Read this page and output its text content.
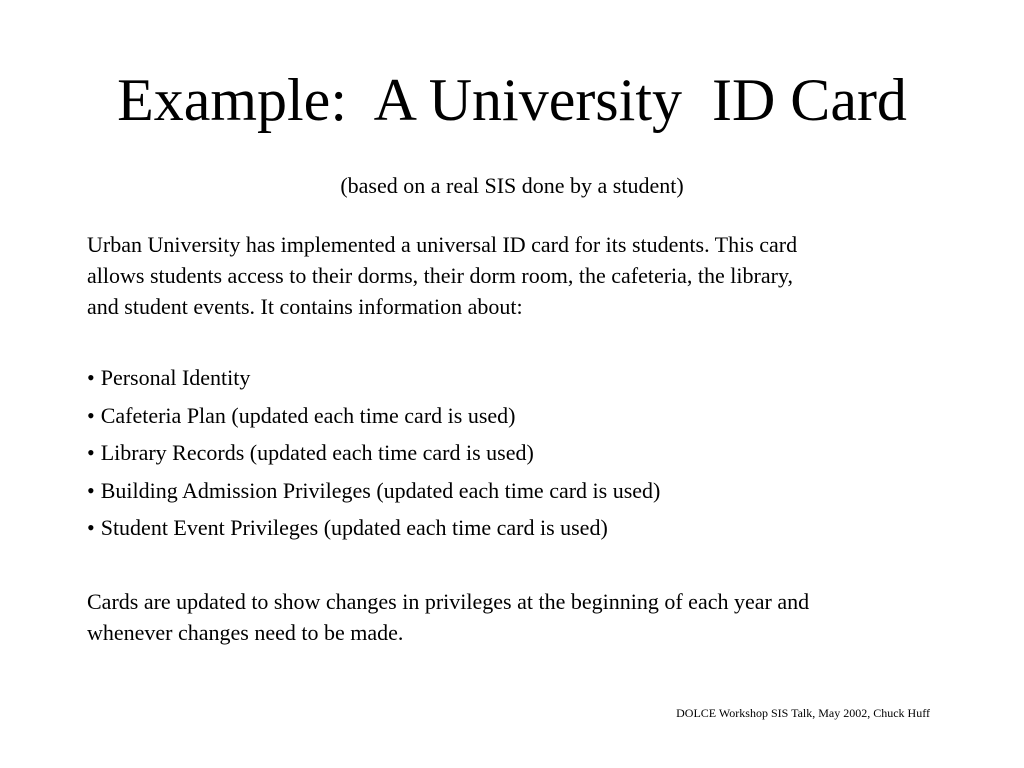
Example:  A University  ID Card
(based on a real SIS done by a student)

Urban University has implemented a universal ID card for its students. This card
allows students access to their dorms, their dorm room, the cafeteria, the library,
and student events. It contains information about:

• Personal Identity
• Cafeteria Plan (updated each time card is used)
• Library Records (updated each time card is used)
• Building Admission Privileges (updated each time card is used)
• Student Event Privileges (updated each time card is used)

Cards are updated to show changes in privileges at the beginning of each year and
whenever changes need to be made.

DOLCE Workshop SIS Talk, May 2002, Chuck Huff
